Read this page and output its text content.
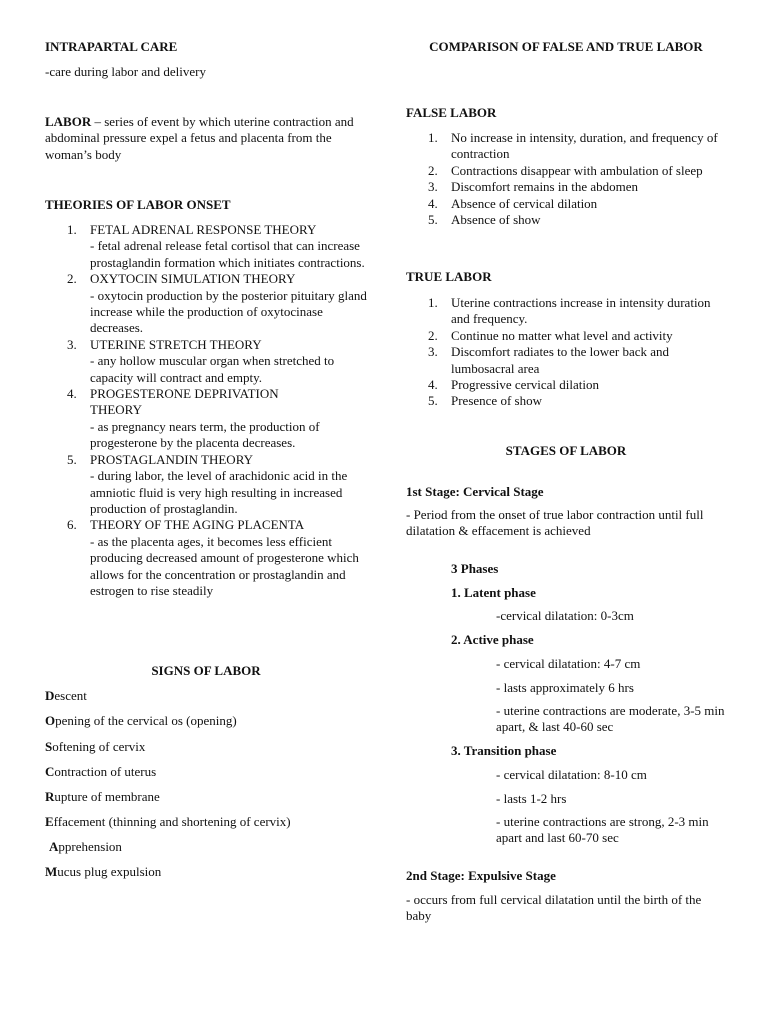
INTRAPARTAL CARE

-care during labor and delivery

LABOR – series of event by which uterine contraction and abdominal pressure expel a fetus and placenta from the woman’s body

THEORIES OF LABOR ONSET
1. FETAL ADRENAL RESPONSE THEORY
- fetal adrenal release fetal cortisol that can increase prostaglandin formation which initiates contractions.
2. OXYTOCIN SIMULATION THEORY
- oxytocin production by the posterior pituitary gland increase while the production of oxytocinase decreases.
3. UTERINE STRETCH THEORY
- any hollow muscular organ when stretched to capacity will contract and empty.
4. PROGESTERONE DEPRIVATION THEORY
- as pregnancy nears term, the production of progesterone by the placenta decreases.
5. PROSTAGLANDIN THEORY
- during labor, the level of arachidonic acid in the amniotic fluid is very high resulting in increased production of prostaglandin.
6. THEORY OF THE AGING PLACENTA
- as the placenta ages, it becomes less efficient producing decreased amount of progesterone which allows for the concentration or prostaglandin and estrogen to rise steadily
SIGNS OF LABOR

Descent

Opening of the cervical os (opening)

Softening of cervix

Contraction of uterus

Rupture of membrane

Effacement (thinning and shortening of cervix)

Apprehension

Mucus plug expulsion

COMPARISON OF FALSE AND TRUE LABOR
FALSE LABOR
1. No increase in intensity, duration, and frequency of contraction
2. Contractions disappear with ambulation of sleep
3. Discomfort remains in the abdomen
4. Absence of cervical dilation
5. Absence of show
TRUE LABOR
1. Uterine contractions increase in intensity duration and frequency.
2. Continue no matter what level and activity
3. Discomfort radiates to the lower back and lumbosacral area
4. Progressive cervical dilation
5. Presence of show
STAGES OF LABOR
1st Stage: Cervical Stage

- Period from the onset of true labor contraction until full dilatation & effacement is achieved

3 Phases
1. Latent phase

-cervical dilatation: 0-3cm

2. Active phase

- cervical dilatation: 4-7 cm

- lasts approximately 6 hrs

- uterine contractions are moderate, 3-5 min apart, & last 40-60 sec

3. Transition phase

- cervical dilatation: 8-10 cm

- lasts 1-2 hrs

- uterine contractions are strong, 2-3 min apart and last 60-70 sec

2nd Stage: Expulsive Stage

- occurs from full cervical dilatation until the birth of the baby
